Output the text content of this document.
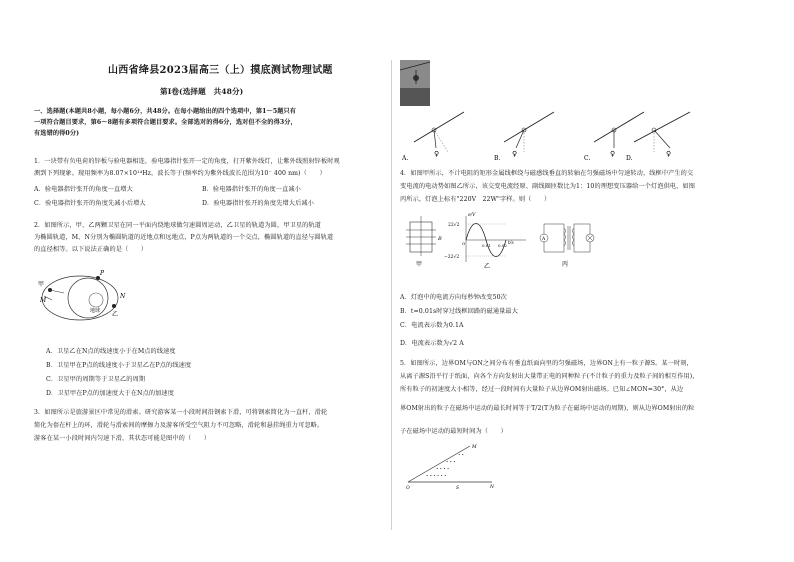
山西省绛县2023届高三（上）摸底测试物理试题
第Ⅰ卷(选择题　共48分)
一、选择题(本题共8小题，每小题6分，共48分。在每小题给出的四个选项中，第1～5题只有
一项符合题目要求，第6～8题有多项符合题目要求。全部选对的得6分，选对但不全的得3分，
有选错的得0分)
1．一块带有负电荷的锌板与验电器相连，验电器指针张开一定的角度，打开紫外线灯，让紫外线照射锌板时观
测到下列现象。现用频率为8.07×10¹⁴Hz，波长等于(频率约为紫外线波长范围为10⁻ 400 nm)（　　）
A．验电器指针张开的角度一直增大	B．验电器指针张开的角度一直减小
C．验电器指针张开的角度先减小后增大	D．验电器指针张开的角度先增大后减小
2．如图所示，甲、乙两颗卫星在同一平面内绕地球做匀速圆周运动，乙卫星的轨道为圆，甲卫星的轨道
为椭圆轨道，M、N分别为椭圆轨道的近地点和远地点，P点为两轨道的一个交点，椭圆轨道的直径与圆轨道
的直径相等。以下说法正确的是（　　）
甲
M
P
N
乙
地球
A．卫星乙在N点的线速度小于在M点的线速度
B．卫星甲在P点的线速度小于卫星乙在P点的线速度
C．卫星甲的周期等于卫星乙的周期
D．卫星甲在P点的加速度大于在N点的加速度
3．如图所示是旅游景区中常见的滑索。研究游客某一小段时间沿钢索下滑，可将钢索简化为一直杆，滑轮
简化为套在杆上的环，滑轮与滑索间的摩擦力及游客所受空气阻力不可忽略，滑轮和悬挂绳重力可忽略。
游客在某一小段时间内匀速下滑，其状态可能是图中的（　　）
♀	♀	♀	♀
A.	B.	C.	D.
4．如图甲所示，不计电阻的矩形金属线框绕与磁感线垂直的转轴在匀强磁场中匀速转动，线框中产生的交
变电流的电动势如图乙所示，该交变电流经原、副线圈匝数比为1：10的理想变压器给一个灯泡供电，如图
丙所示，灯泡上标有"220V　22W"字样。则（　　）
B
甲
e/V
22√2
−22√2
t/s
0.01 0.02
O
乙
A
丙
A．灯泡中的电流方向每秒钟改变50次
B．t=0.01s时穿过线框回路的磁通量最大
C．电流表示数为0.1A
D．电流表示数为√2 A
5．如图所示，边界OM与ON之间分布有垂直纸面向里的匀强磁场，边界ON上有一粒子源S。某一时刻，
从离子源S沿平行于纸面，向各个方向发射出大量带正电的同种粒子(不计粒子的重力及粒子间的相互作用)，
所有粒子的初速度大小相等，经过一段时间有大量粒子从边界OM射出磁场。已知∠MON=30°，从边
界OM射出的粒子在磁场中运动的最长时间等于T/2(T为粒子在磁场中运动的周期)，则从边界OM射出的粒
子在磁场中运动的最短时间为（　　）
• •
• • •
• • • •
• • • • • •
M
N
O	S
